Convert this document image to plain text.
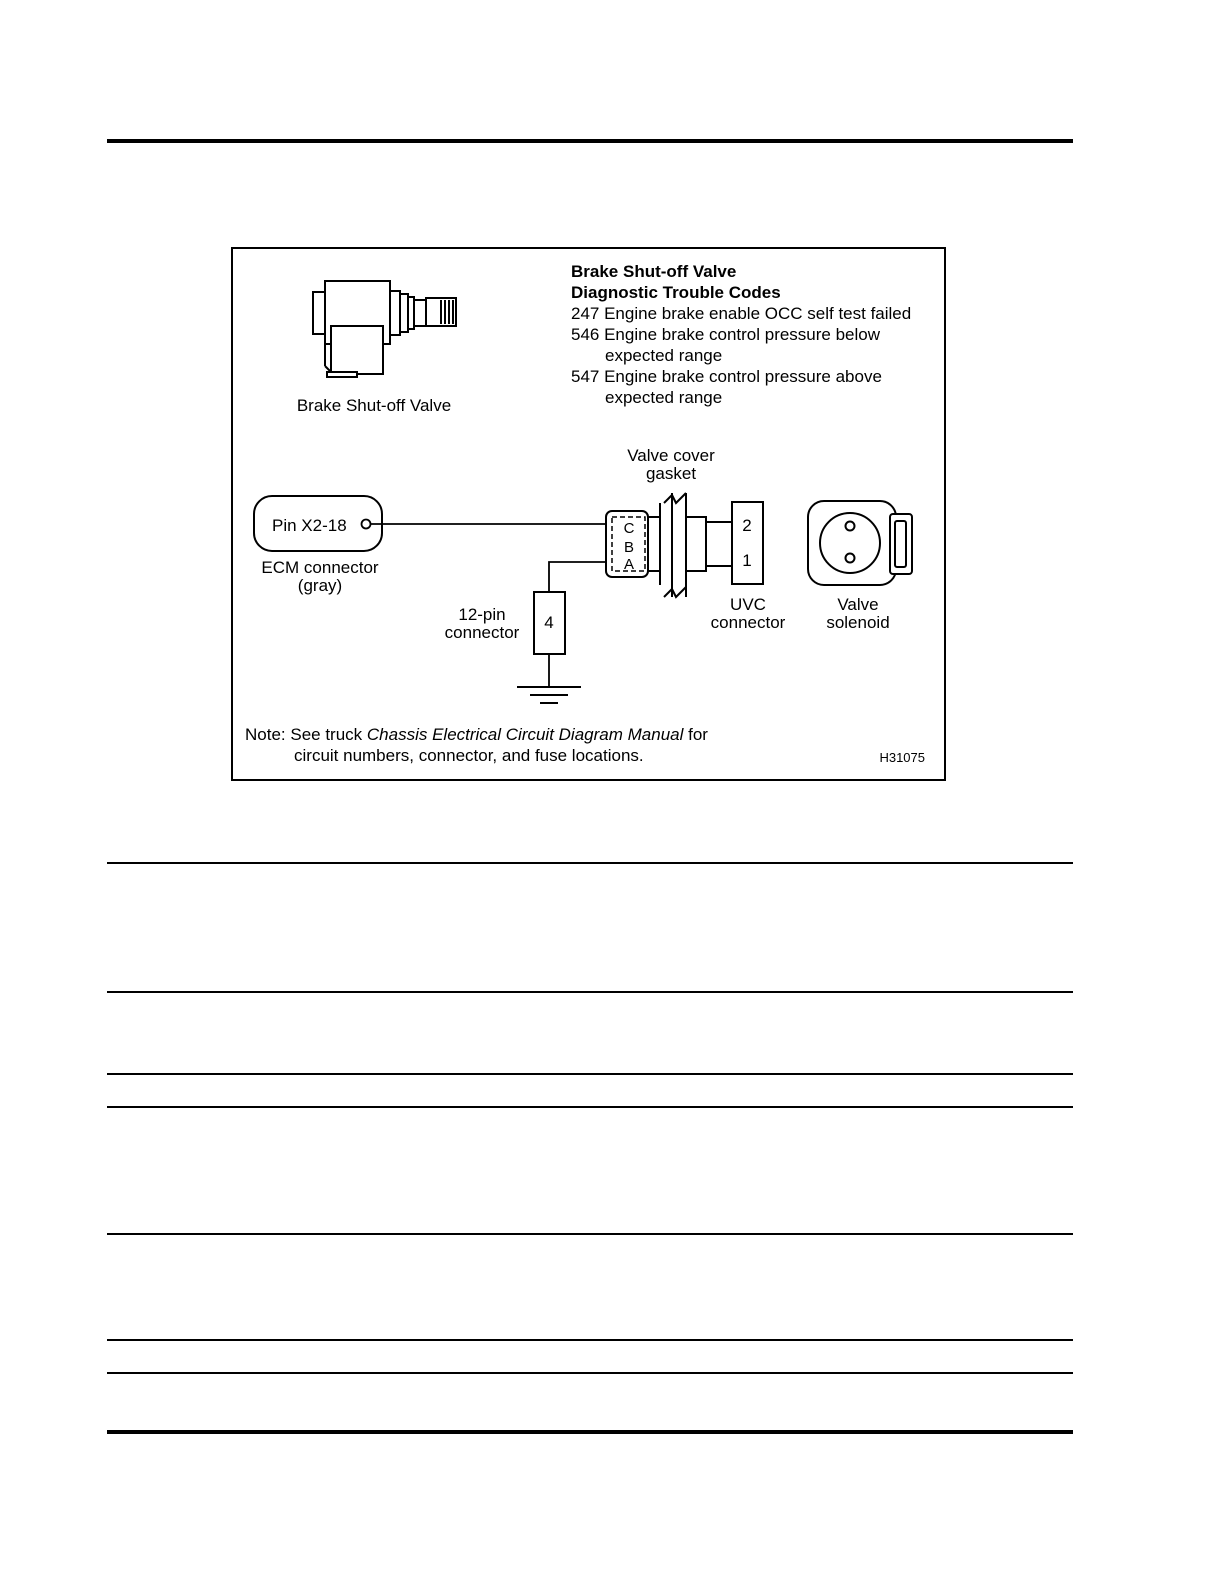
Brake Shut-off Valve
Brake Shut-off Valve
Diagnostic Trouble Codes
247 Engine brake enable OCC self test failed
546 Engine brake control pressure below
expected range
547 Engine brake control pressure above
expected range
Valve cover
gasket
Pin X2-18
ECM connector
(gray)
4
12-pin
connector
C
B
A
2
1
UVC
connector
Valve
solenoid
Note: See truck Chassis Electrical Circuit Diagram Manual for
circuit numbers, connector, and fuse locations.	H31075
